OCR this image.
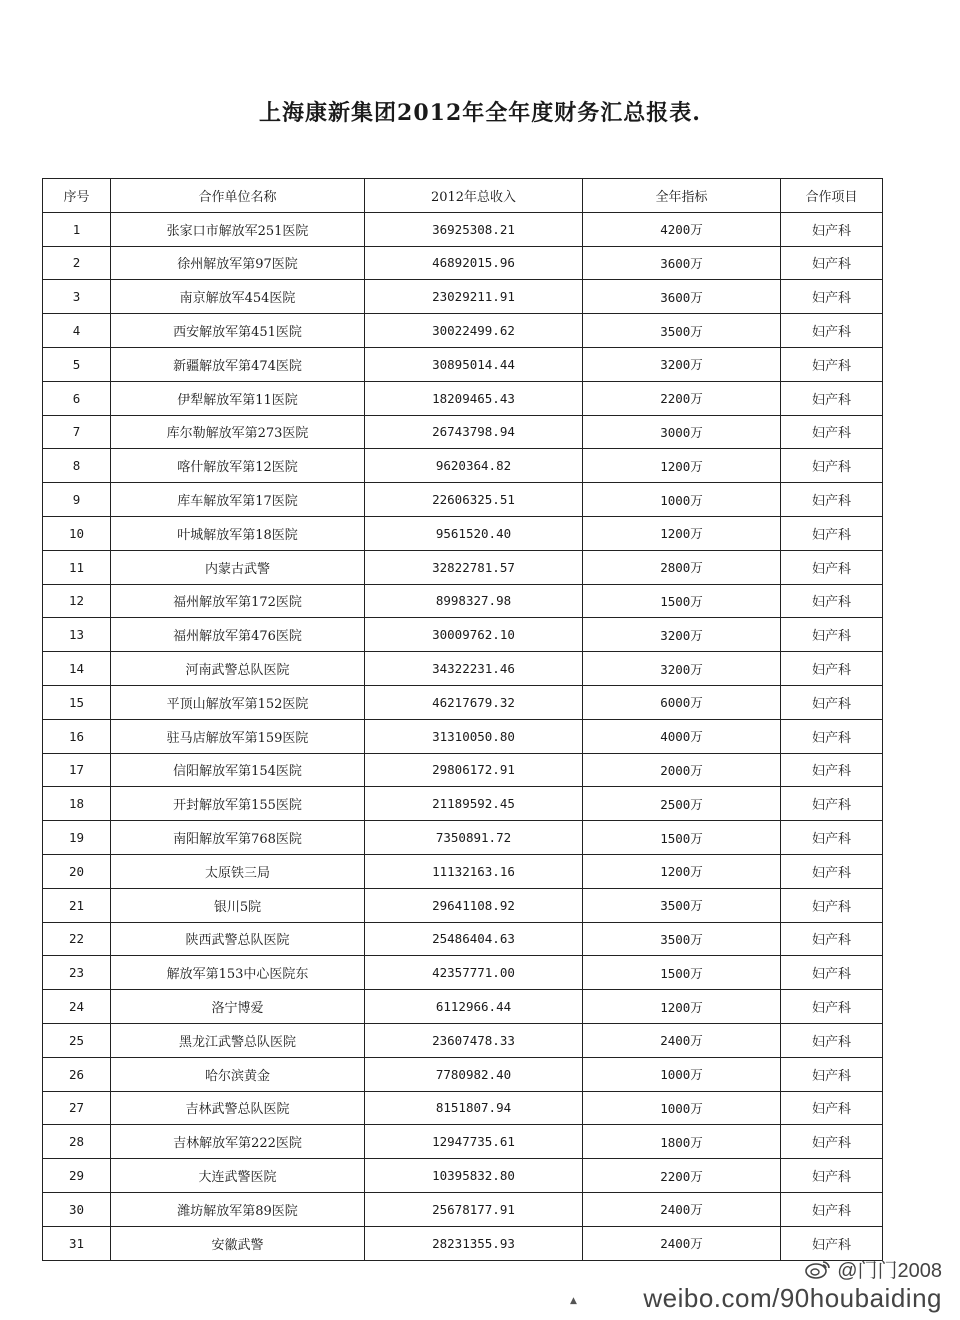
上海康新集团2012年全年度财务汇总报表.
序号	合作单位名称	2012年总收入	全年指标	合作项目
1	张家口市解放军251医院	36925308.21	4200万	妇产科
2	徐州解放军第97医院	46892015.96	3600万	妇产科
3	南京解放军454医院	23029211.91	3600万	妇产科
4	西安解放军第451医院	30022499.62	3500万	妇产科
5	新疆解放军第474医院	30895014.44	3200万	妇产科
6	伊犁解放军第11医院	18209465.43	2200万	妇产科
7	库尔勒解放军第273医院	26743798.94	3000万	妇产科
8	喀什解放军第12医院	9620364.82	1200万	妇产科
9	库车解放军第17医院	22606325.51	1000万	妇产科
10	叶城解放军第18医院	9561520.40	1200万	妇产科
11	内蒙古武警	32822781.57	2800万	妇产科
12	福州解放军第172医院	8998327.98	1500万	妇产科
13	福州解放军第476医院	30009762.10	3200万	妇产科
14	河南武警总队医院	34322231.46	3200万	妇产科
15	平顶山解放军第152医院	46217679.32	6000万	妇产科
16	驻马店解放军第159医院	31310050.80	4000万	妇产科
17	信阳解放军第154医院	29806172.91	2000万	妇产科
18	开封解放军第155医院	21189592.45	2500万	妇产科
19	南阳解放军第768医院	7350891.72	1500万	妇产科
20	太原铁三局	11132163.16	1200万	妇产科
21	银川5院	29641108.92	3500万	妇产科
22	陕西武警总队医院	25486404.63	3500万	妇产科
23	解放军第153中心医院东	42357771.00	1500万	妇产科
24	洛宁博爱	6112966.44	1200万	妇产科
25	黑龙江武警总队医院	23607478.33	2400万	妇产科
26	哈尔滨黄金	7780982.40	1000万	妇产科
27	吉林武警总队医院	8151807.94	1000万	妇产科
28	吉林解放军第222医院	12947735.61	1800万	妇产科
29	大连武警医院	10395832.80	2200万	妇产科
30	潍坊解放军第89医院	25678177.91	2400万	妇产科
31	安徽武警	28231355.93	2400万	妇产科
▲
@门门2008
weibo.com/90houbaiding
